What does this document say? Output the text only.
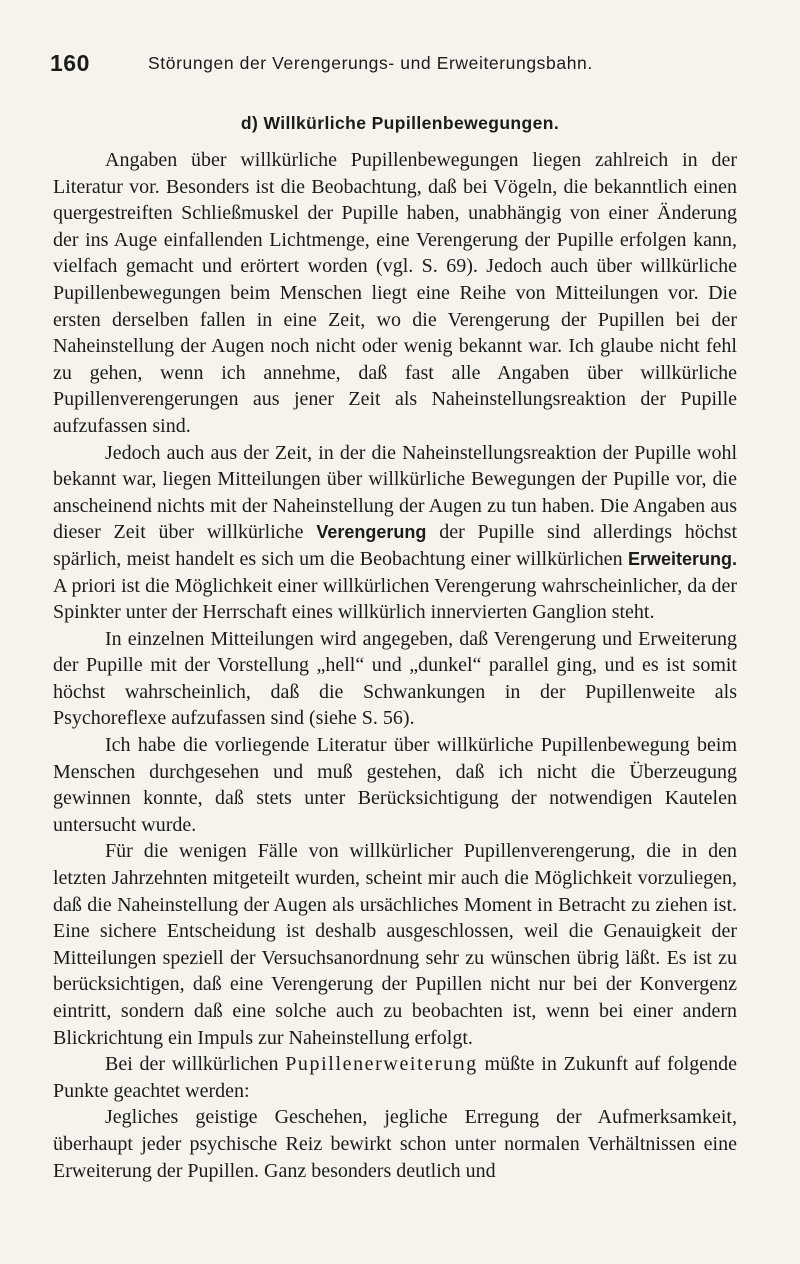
160	Störungen der Verengerungs- und Erweiterungsbahn.
d) Willkürliche Pupillenbewegungen.

Angaben über willkürliche Pupillenbewegungen liegen zahlreich in der Literatur vor. Besonders ist die Beobachtung, daß bei Vögeln, die bekanntlich einen quergestreiften Schließmuskel der Pupille haben, unabhängig von einer Änderung der ins Auge einfallenden Lichtmenge, eine Verengerung der Pupille erfolgen kann, vielfach gemacht und erörtert worden (vgl. S. 69). Jedoch auch über willkürliche Pupillenbewegungen beim Menschen liegt eine Reihe von Mitteilungen vor. Die ersten derselben fallen in eine Zeit, wo die Verengerung der Pupillen bei der Naheinstellung der Augen noch nicht oder wenig bekannt war. Ich glaube nicht fehl zu gehen, wenn ich annehme, daß fast alle Angaben über willkürliche Pupillenverengerungen aus jener Zeit als Naheinstellungsreaktion der Pupille aufzufassen sind.

Jedoch auch aus der Zeit, in der die Naheinstellungsreaktion der Pupille wohl bekannt war, liegen Mitteilungen über willkürliche Bewegungen der Pupille vor, die anscheinend nichts mit der Naheinstellung der Augen zu tun haben. Die Angaben aus dieser Zeit über willkürliche Verengerung der Pupille sind allerdings höchst spärlich, meist handelt es sich um die Beobachtung einer willkürlichen Erweiterung. A priori ist die Möglichkeit einer willkürlichen Verengerung wahrscheinlicher, da der Spinkter unter der Herrschaft eines willkürlich innervierten Ganglion steht.

In einzelnen Mitteilungen wird angegeben, daß Verengerung und Erweiterung der Pupille mit der Vorstellung „hell“ und „dunkel“ parallel ging, und es ist somit höchst wahrscheinlich, daß die Schwankungen in der Pupillenweite als Psychoreflexe aufzufassen sind (siehe S. 56).

Ich habe die vorliegende Literatur über willkürliche Pupillenbewegung beim Menschen durchgesehen und muß gestehen, daß ich nicht die Überzeugung gewinnen konnte, daß stets unter Berücksichtigung der notwendigen Kautelen untersucht wurde.

Für die wenigen Fälle von willkürlicher Pupillenverengerung, die in den letzten Jahrzehnten mitgeteilt wurden, scheint mir auch die Möglichkeit vorzuliegen, daß die Naheinstellung der Augen als ursächliches Moment in Betracht zu ziehen ist. Eine sichere Entscheidung ist deshalb ausgeschlossen, weil die Genauigkeit der Mitteilungen speziell der Versuchsanordnung sehr zu wünschen übrig läßt. Es ist zu berücksichtigen, daß eine Verengerung der Pupillen nicht nur bei der Konvergenz eintritt, sondern daß eine solche auch zu beobachten ist, wenn bei einer andern Blickrichtung ein Impuls zur Naheinstellung erfolgt.

Bei der willkürlichen Pupillenerweiterung müßte in Zukunft auf folgende Punkte geachtet werden:

Jegliches geistige Geschehen, jegliche Erregung der Aufmerksamkeit, überhaupt jeder psychische Reiz bewirkt schon unter normalen Verhältnissen eine Erweiterung der Pupillen. Ganz besonders deutlich und
